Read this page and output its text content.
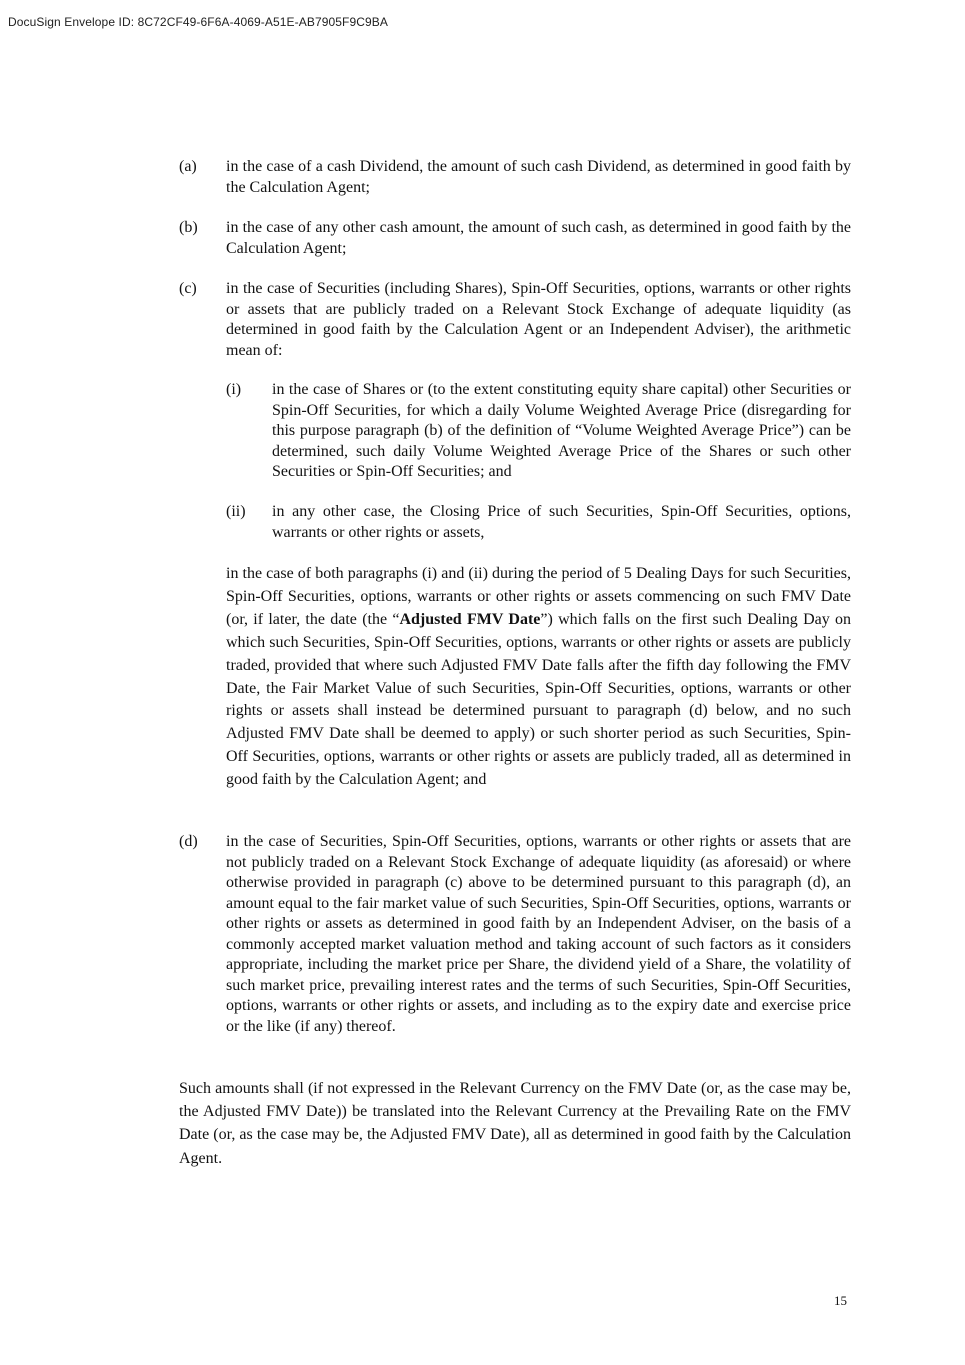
DocuSign Envelope ID: 8C72CF49-6F6A-4069-A51E-AB7905F9C9BA
(a) in the case of a cash Dividend, the amount of such cash Dividend, as determined in good faith by the Calculation Agent;
(b) in the case of any other cash amount, the amount of such cash, as determined in good faith by the Calculation Agent;
(c) in the case of Securities (including Shares), Spin-Off Securities, options, warrants or other rights or assets that are publicly traded on a Relevant Stock Exchange of adequate liquidity (as determined in good faith by the Calculation Agent or an Independent Adviser), the arithmetic mean of:
(i) in the case of Shares or (to the extent constituting equity share capital) other Securities or Spin-Off Securities, for which a daily Volume Weighted Average Price (disregarding for this purpose paragraph (b) of the definition of “Volume Weighted Average Price”) can be determined, such daily Volume Weighted Average Price of the Shares or such other Securities or Spin-Off Securities; and
(ii) in any other case, the Closing Price of such Securities, Spin-Off Securities, options, warrants or other rights or assets,
in the case of both paragraphs (i) and (ii) during the period of 5 Dealing Days for such Securities, Spin-Off Securities, options, warrants or other rights or assets commencing on such FMV Date (or, if later, the date (the “Adjusted FMV Date”) which falls on the first such Dealing Day on which such Securities, Spin-Off Securities, options, warrants or other rights or assets are publicly traded, provided that where such Adjusted FMV Date falls after the fifth day following the FMV Date, the Fair Market Value of such Securities, Spin-Off Securities, options, warrants or other rights or assets shall instead be determined pursuant to paragraph (d) below, and no such Adjusted FMV Date shall be deemed to apply) or such shorter period as such Securities, Spin-Off Securities, options, warrants or other rights or assets are publicly traded, all as determined in good faith by the Calculation Agent; and
(d) in the case of Securities, Spin-Off Securities, options, warrants or other rights or assets that are not publicly traded on a Relevant Stock Exchange of adequate liquidity (as aforesaid) or where otherwise provided in paragraph (c) above to be determined pursuant to this paragraph (d), an amount equal to the fair market value of such Securities, Spin-Off Securities, options, warrants or other rights or assets as determined in good faith by an Independent Adviser, on the basis of a commonly accepted market valuation method and taking account of such factors as it considers appropriate, including the market price per Share, the dividend yield of a Share, the volatility of such market price, prevailing interest rates and the terms of such Securities, Spin-Off Securities, options, warrants or other rights or assets, and including as to the expiry date and exercise price or the like (if any) thereof.
Such amounts shall (if not expressed in the Relevant Currency on the FMV Date (or, as the case may be, the Adjusted FMV Date)) be translated into the Relevant Currency at the Prevailing Rate on the FMV Date (or, as the case may be, the Adjusted FMV Date), all as determined in good faith by the Calculation Agent.
15
